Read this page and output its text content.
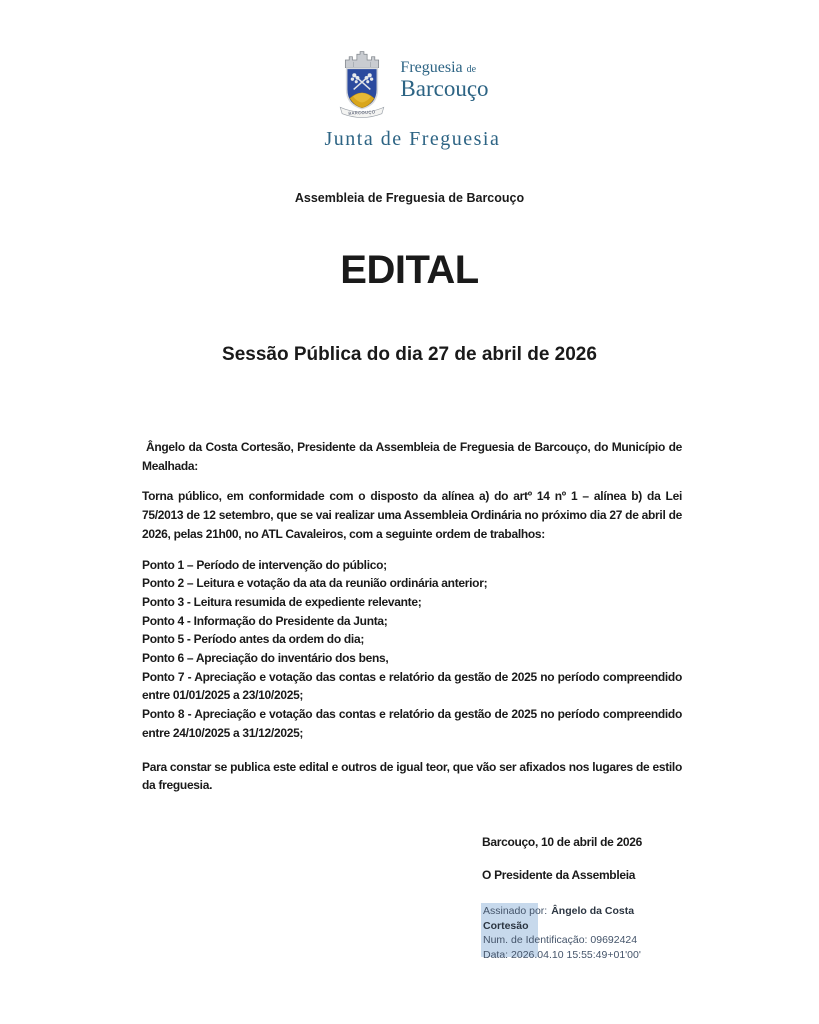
BARCOUÇO
Freguesia de
Barcouço
Junta de Freguesia
Assembleia de Freguesia de Barcouço
EDITAL
Sessão Pública do dia 27 de abril de 2026

Ângelo da Costa Cortesão, Presidente da Assembleia de Freguesia de Barcouço, do Município de Mealhada:

Torna público, em conformidade com o disposto da alínea a) do artº 14 nº 1 – alínea b) da Lei 75/2013 de 12 setembro, que se vai realizar uma Assembleia Ordinária no próximo dia 27 de abril de 2026, pelas 21h00, no ATL Cavaleiros, com a seguinte ordem de trabalhos:

Ponto 1 – Período de intervenção do público;
Ponto 2 – Leitura e votação da ata da reunião ordinária anterior;
Ponto 3 - Leitura resumida de expediente relevante;
Ponto 4 - Informação do Presidente da Junta;
Ponto 5 - Período antes da ordem do dia;
Ponto 6 – Apreciação do inventário dos bens,
Ponto 7 - Apreciação e votação das contas e relatório da gestão de 2025 no período compreendido entre 01/01/2025 a 23/10/2025;
Ponto 8 - Apreciação e votação das contas e relatório da gestão de 2025 no período compreendido entre 24/10/2025 a 31/12/2025;

Para constar se publica este edital e outros de igual teor, que vão ser afixados nos lugares de estilo da freguesia.

Barcouço, 10 de abril de 2026

O Presidente da Assembleia

Assinado por: Ângelo da Costa Cortesão
Num. de Identificação: 09692424
Data: 2026.04.10 15:55:49+01'00'
